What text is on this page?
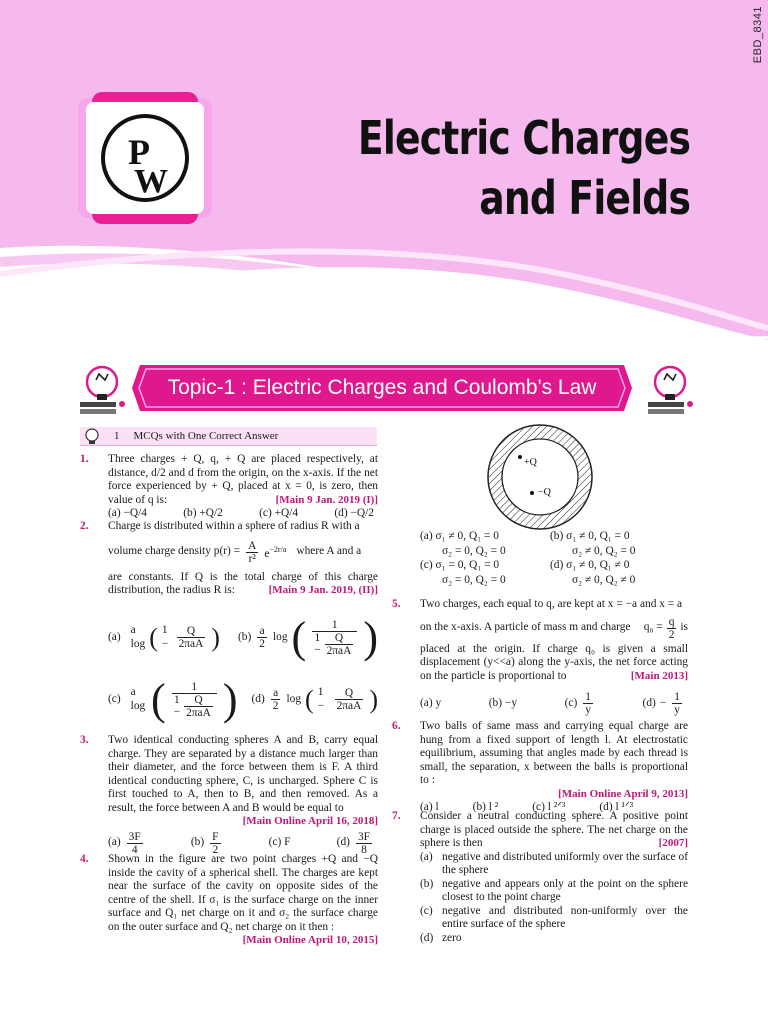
EBD_8341
P
W
Electric Charges
and Fields
Topic-1 : Electric Charges and Coulomb's Law
1 MCQs with One Correct Answer
1. Three charges + Q, q, + Q are placed respectively, at distance, d/2 and d from the origin, on the x-axis. If the net force experienced by + Q, placed at x = 0, is zero, then value of q is:	[Main 9 Jan. 2019 (I)]
(a) −Q/4	(b) +Q/2	(c) +Q/4	(d) −Q/2
2. Charge is distributed within a sphere of radius R with a
volume charge density $p(r) = \frac{A}{\text{r²}} e^{-2r/a}$ where A and a
are constants. If Q is the total charge of this charge distribution, the radius R is:	[Main 9 Jan. 2019, (II)]
(a)
a log ( $1 - \frac{Q}{\text{2πaA}}$ ) $(b) \frac{a}{2}$ log ( $\frac{1}{1 - \frac{Q}{\text{2πaA}}}$ )
(c)
a log ( $\frac{1}{1 - \frac{Q}{\text{2πaA}}}$ ) $(d) \frac{a}{2}$ log ( $1 - \frac{Q}{\text{2πaA}}$ )
3. Two identical conducting spheres A and B, carry equal charge. They are separated by a distance much larger than their diameter, and the force between them is F. A third identical conducting sphere, C, is uncharged. Sphere C is first touched to A, then to B, and then removed. As a result, the force between A and B would be equal to
[Main Online April 16, 2018]
$(a) \frac{3F}{4}$	$(b) \frac{F}{2}$	(c) F	$(d) \frac{3F}{8}$
4. Shown in the figure are two point charges +Q and −Q inside the cavity of a spherical shell. The charges are kept near the surface of the cavity on opposite sides of the centre of the shell. If σ₁ is the surface charge on the inner surface and Q₁ net charge on it and σ₂ the surface charge on the outer surface and Q₂ net charge on it then :
[Main Online April 10, 2015]
+Q
−Q
(a) σ₁ ≠ 0, Q₁ = 0	(b) σ₁ ≠ 0, Q₁ = 0
σ₂ = 0, Q₂ = 0	σ₂ ≠ 0, Q₂ = 0
(c) σ₁ = 0, Q₁ = 0	(d) σ₁ ≠ 0, Q₁ ≠ 0
σ₂ = 0, Q₂ = 0	σ₂ ≠ 0, Q₂ ≠ 0
5. Two charges, each equal to q, are kept at x = −a and x = a
on the x-axis. A particle of mass m and charge $q_0 = \frac{q}{2}$ is
placed at the origin. If charge q₀ is given a small displacement (y<<a) along the y-axis, the net force acting on the particle is proportional to	[Main 2013]
(a) y	(b) −y	$(c) \frac{1}{y}$	$(d) - \frac{1}{y}$
6. Two balls of same mass and carrying equal charge are hung from a fixed support of length l. At electrostatic equilibrium, assuming that angles made by each thread is small, the separation, x between the balls is proportional to :
[Main Online April 9, 2013]
(a) l	(b) l ²	(c) l ²ᐟ³	(d) l ¹ᐟ³
7. Consider a neutral conducting sphere. A positive point charge is placed outside the sphere. The net charge on the sphere is then	[2007]
(a) negative and distributed uniformly over the surface of the sphere
(b) negative and appears only at the point on the sphere closest to the point charge
(c) negative and distributed non-uniformly over the entire surface of the sphere
(d) zero
